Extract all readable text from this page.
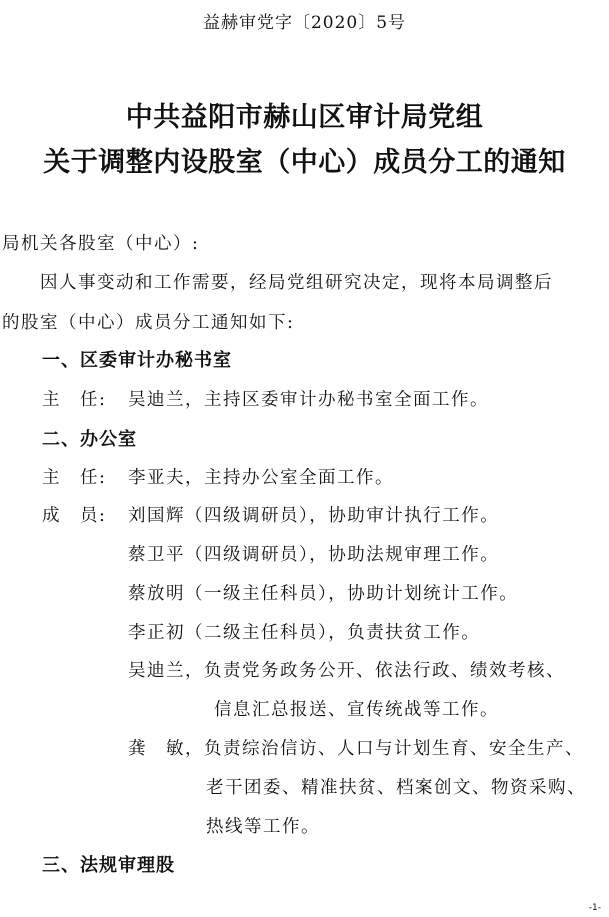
益赫审党字〔2020〕5号
中共益阳市赫山区审计局党组
关于调整内设股室（中心）成员分工的通知
局机关各股室（中心）:
因人事变动和工作需要，经局党组研究决定，现将本局调整后
的股室（中心）成员分工通知如下:
一、区委审计办秘书室
主　任: 吴迪兰，主持区委审计办秘书室全面工作。
二、办公室
主　任: 李亚夫，主持办公室全面工作。
成　员: 刘国辉（四级调研员），协助审计执行工作。
蔡卫平（四级调研员），协助法规审理工作。
蔡放明（一级主任科员），协助计划统计工作。
李正初（二级主任科员），负责扶贫工作。
吴迪兰，负责党务政务公开、依法行政、绩效考核、
信息汇总报送、宣传统战等工作。
龚　敏，负责综治信访、人口与计划生育、安全生产、
老干团委、精准扶贫、档案创文、物资采购、
热线等工作。
三、法规审理股
-1-
